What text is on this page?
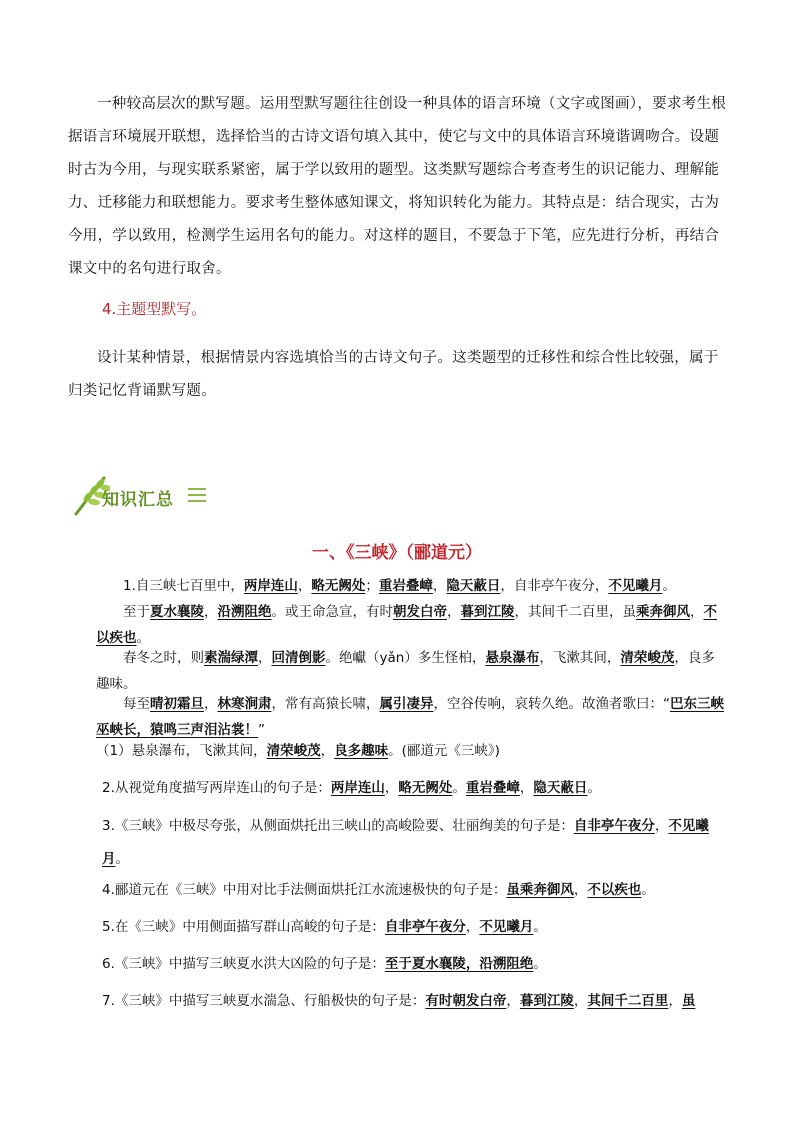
一种较高层次的默写题。运用型默写题往往创设一种具体的语言环境（文字或图画），要求考生根据语言环境展开联想，选择恰当的古诗文语句填入其中，使它与文中的具体语言环境谐调吻合。设题时古为今用，与现实联系紧密，属于学以致用的题型。这类默写题综合考查考生的识记能力、理解能力、迁移能力和联想能力。要求考生整体感知课文，将知识转化为能力。其特点是：结合现实，古为今用，学以致用，检测学生运用名句的能力。对这样的题目，不要急于下笔，应先进行分析，再结合课文中的名句进行取舍。

4.主题型默写。

设计某种情景，根据情景内容选填恰当的古诗文句子。这类题型的迁移性和综合性比较强，属于归类记忆背诵默写题。

知识汇总

一、《三峡》（郦道元）

1.自三峡七百里中，两岸连山，略无阙处；重岩叠嶂，隐天蔽日，自非亭午夜分，不见曦月。

至于夏水襄陵，沿溯阻绝。或王命急宣，有时朝发白帝，暮到江陵，其间千二百里，虽乘奔御风，不以疾也。

春冬之时，则素湍绿潭，回清倒影。绝巘（yǎn）多生怪柏，悬泉瀑布，飞漱其间，清荣峻茂，良多趣味。

每至晴初霜旦，林寒涧肃，常有高猿长啸，属引凄异，空谷传响，哀转久绝。故渔者歌曰：“巴东三峡巫峡长，猿鸣三声泪沾裳！”

（1）悬泉瀑布，飞漱其间，清荣峻茂，良多趣味。(郦道元《三峡》)

2.从视觉角度描写两岸连山的句子是：两岸连山，略无阙处。重岩叠嶂，隐天蔽日。

3.《三峡》中极尽夸张，从侧面烘托出三峡山的高峻险要、壮丽绚美的句子是：自非亭午夜分，不见曦月。

4.郦道元在《三峡》中用对比手法侧面烘托江水流速极快的句子是：虽乘奔御风，不以疾也。

5.在《三峡》中用侧面描写群山高峻的句子是：自非亭午夜分，不见曦月。

6.《三峡》中描写三峡夏水洪大凶险的句子是：至于夏水襄陵，沿溯阻绝。

7.《三峡》中描写三峡夏水湍急、行船极快的句子是：有时朝发白帝，暮到江陵，其间千二百里，虽
